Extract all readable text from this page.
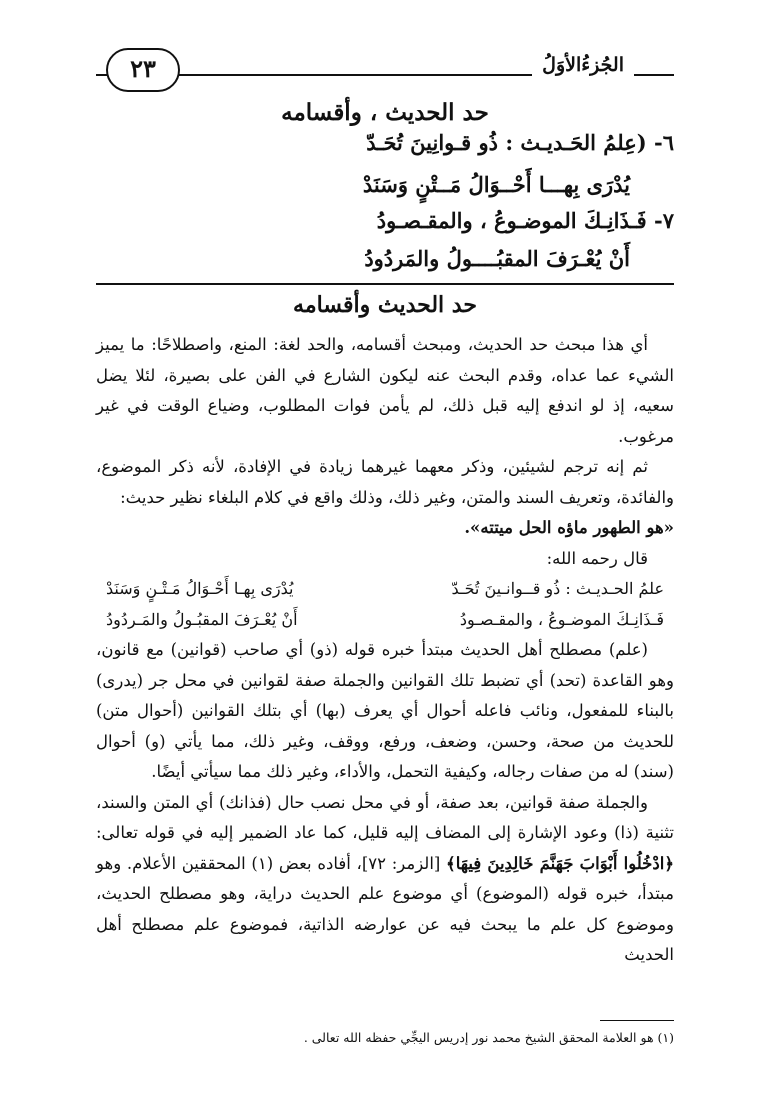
٢٣	الجُزءُالأوَلُ
حد الحديث ، وأقسامه
٦- (عِلمُ الحَـديـث : ذُو قـوانِينَ تُحَـدّ
يُدْرَى بِهـــا أَحْــوَالُ مَــتْنٍ وَسَنَدْ
٧- فَـذَانِـكَ الموضـوعُ ، والمقـصـودُ
أَنْ يُعْـرَفَ المقبُــــولُ والمَردُودُ
حد الحديث وأقسامه

أي هذا مبحث حد الحديث، ومبحث أقسامه، والحد لغة: المنع، واصطلاحًا: ما يميز الشيء عما عداه، وقدم البحث عنه ليكون الشارع في الفن على بصيرة، لئلا يضل سعيه، إذ لو اندفع إليه قبل ذلك، لم يأمن فوات المطلوب، وضياع الوقت في غير مرغوب.

ثم إنه ترجم لشيئين، وذكر معهما غيرهما زيادة في الإفادة، لأنه ذكر الموضوع، والفائدة، وتعريف السند والمتن، وغير ذلك، وذلك واقع في كلام البلغاء نظير حديث:

«هو الطهور ماؤه الحل ميتته».

قال رحمه الله:

علمُ الحـديـث : ذُو قــوانـينَ تُحَـدّ
يُدْرَى بِهـا أَحْـوَالُ مَـتْـنٍ وَسَنَدْ
فَـذَانِـكَ الموضـوعُ ، والمقـصـودُ
أَنْ يُعْـرَفَ المقبُـولُ والمَـردُودُ

(علم) مصطلح أهل الحديث مبتدأ خبره قوله (ذو) أي صاحب (قوانين) مع قانون، وهو القاعدة (تحد) أي تضبط تلك القوانين والجملة صفة لقوانين في محل جر (يدرى) بالبناء للمفعول، ونائب فاعله أحوال أي يعرف (بها) أي بتلك القوانين (أحوال متن) للحديث من صحة، وحسن، وضعف، ورفع، ووقف، وغير ذلك، مما يأتي (و) أحوال (سند) له من صفات رجاله، وكيفية التحمل، والأداء، وغير ذلك مما سيأتي أيضًا.

والجملة صفة قوانين، بعد صفة، أو في محل نصب حال (فذانك) أي المتن والسند، تثنية (ذا) وعود الإشارة إلى المضاف إليه قليل، كما عاد الضمير إليه في قوله تعالى: ﴿ادْخُلُوا أَبْوَابَ جَهَنَّمَ خَالِدِينَ فِيهَا﴾ [الزمر: ٧٢]، أفاده بعض (١) المحققين الأعلام. وهو مبتدأ، خبره قوله (الموضوع) أي موضوع علم الحديث دراية، وهو مصطلح الحديث، وموضوع كل علم ما يبحث فيه عن عوارضه الذاتية، فموضوع علم مصطلح أهل الحديث

(١) هو العلامة المحقق الشيخ محمد نور إدريس اليجِّي حفظه الله تعالى .
